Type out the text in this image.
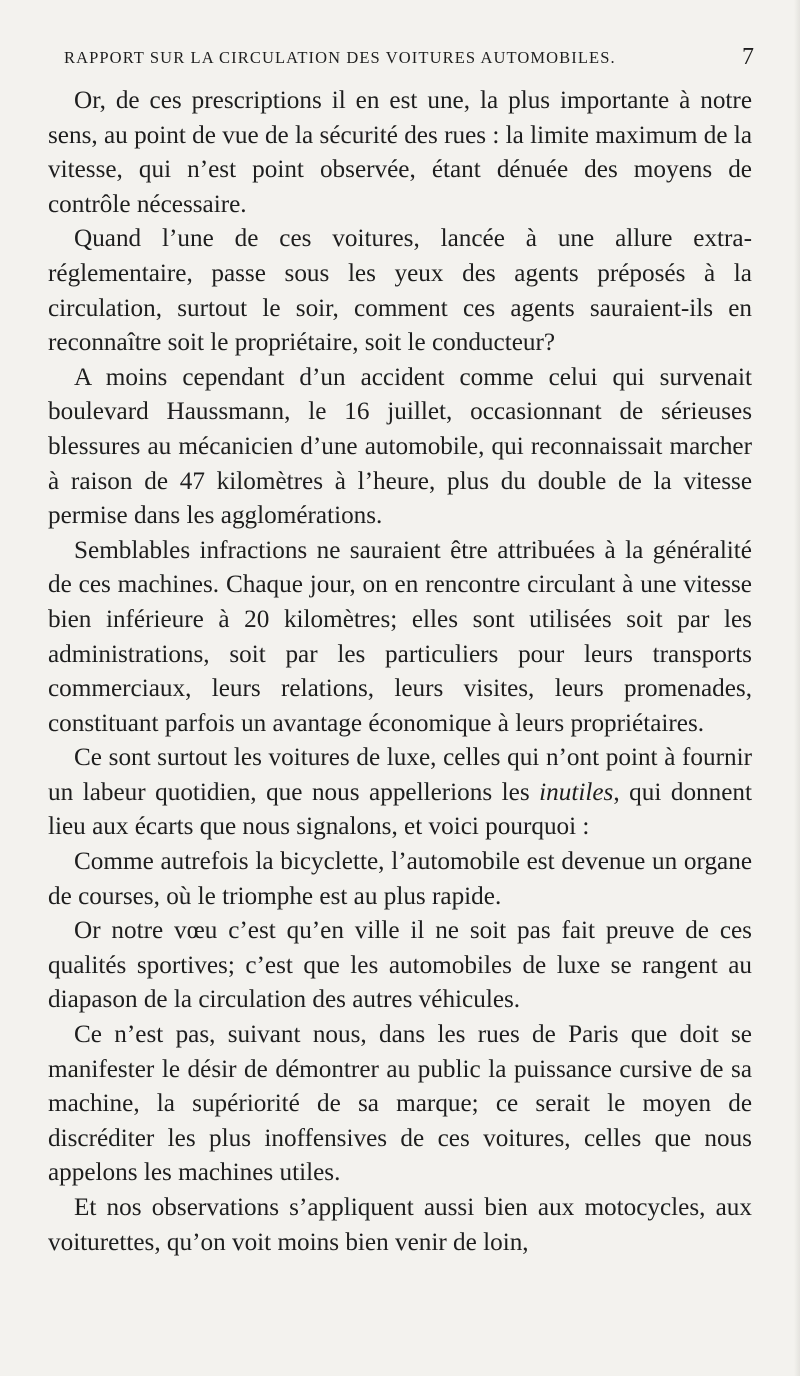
RAPPORT SUR LA CIRCULATION DES VOITURES AUTOMOBILES.	7

Or, de ces prescriptions il en est une, la plus importante à notre sens, au point de vue de la sécurité des rues : la limite maximum de la vitesse, qui n’est point observée, étant dénuée des moyens de contrôle nécessaire.

Quand l’une de ces voitures, lancée à une allure extra-réglementaire, passe sous les yeux des agents préposés à la circulation, surtout le soir, comment ces agents sauraient-ils en reconnaître soit le propriétaire, soit le conducteur?

A moins cependant d’un accident comme celui qui survenait boulevard Haussmann, le 16 juillet, occasionnant de sérieuses blessures au mécanicien d’une automobile, qui reconnaissait marcher à raison de 47 kilomètres à l’heure, plus du double de la vitesse permise dans les agglomérations.

Semblables infractions ne sauraient être attribuées à la généralité de ces machines. Chaque jour, on en rencontre circulant à une vitesse bien inférieure à 20 kilomètres; elles sont utilisées soit par les administrations, soit par les particuliers pour leurs transports commerciaux, leurs relations, leurs visites, leurs promenades, constituant parfois un avantage économique à leurs propriétaires.

Ce sont surtout les voitures de luxe, celles qui n’ont point à fournir un labeur quotidien, que nous appellerions les inutiles, qui donnent lieu aux écarts que nous signalons, et voici pourquoi :

Comme autrefois la bicyclette, l’automobile est devenue un organe de courses, où le triomphe est au plus rapide.

Or notre vœu c’est qu’en ville il ne soit pas fait preuve de ces qualités sportives; c’est que les automobiles de luxe se rangent au diapason de la circulation des autres véhicules.

Ce n’est pas, suivant nous, dans les rues de Paris que doit se manifester le désir de démontrer au public la puissance cursive de sa machine, la supériorité de sa marque; ce serait le moyen de discréditer les plus inoffensives de ces voitures, celles que nous appelons les machines utiles.

Et nos observations s’appliquent aussi bien aux motocycles, aux voiturettes, qu’on voit moins bien venir de loin,
